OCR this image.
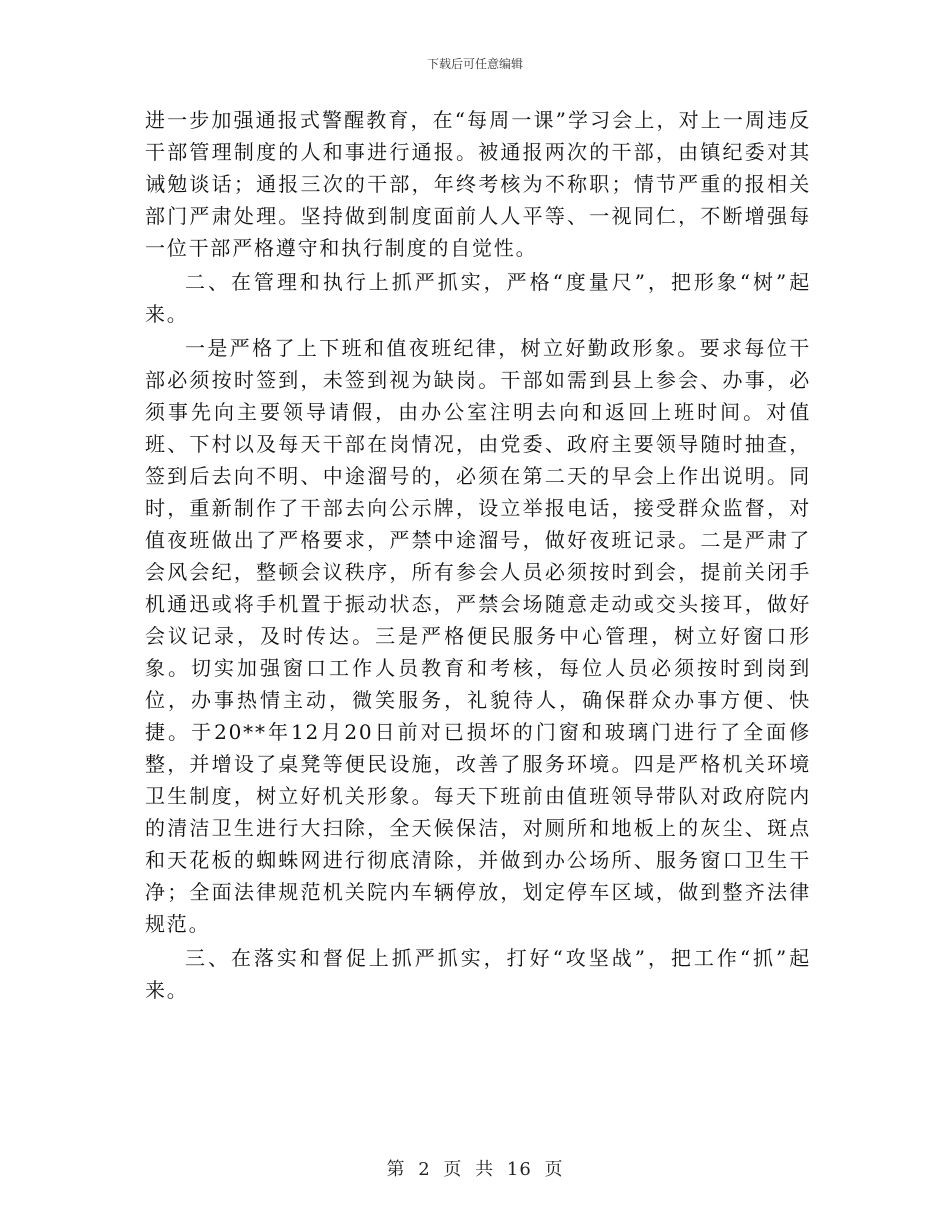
下载后可任意编辑

进一步加强通报式警醒教育，在“每周一课”学习会上，对上一周违反干部管理制度的人和事进行通报。被通报两次的干部，由镇纪委对其诫勉谈话；通报三次的干部，年终考核为不称职；情节严重的报相关部门严肃处理。坚持做到制度面前人人平等、一视同仁，不断增强每一位干部严格遵守和执行制度的自觉性。

二、在管理和执行上抓严抓实，严格“度量尺”，把形象“树”起来。

一是严格了上下班和值夜班纪律，树立好勤政形象。要求每位干部必须按时签到，未签到视为缺岗。干部如需到县上参会、办事，必须事先向主要领导请假，由办公室注明去向和返回上班时间。对值班、下村以及每天干部在岗情况，由党委、政府主要领导随时抽查，签到后去向不明、中途溜号的，必须在第二天的早会上作出说明。同时，重新制作了干部去向公示牌，设立举报电话，接受群众监督，对值夜班做出了严格要求，严禁中途溜号，做好夜班记录。二是严肃了会风会纪，整顿会议秩序，所有参会人员必须按时到会，提前关闭手机通迅或将手机置于振动状态，严禁会场随意走动或交头接耳，做好会议记录，及时传达。三是严格便民服务中心管理，树立好窗口形象。切实加强窗口工作人员教育和考核，每位人员必须按时到岗到位，办事热情主动，微笑服务，礼貌待人，确保群众办事方便、快捷。于20**年12月20日前对已损坏的门窗和玻璃门进行了全面修整，并增设了桌凳等便民设施，改善了服务环境。四是严格机关环境卫生制度，树立好机关形象。每天下班前由值班领导带队对政府院内的清洁卫生进行大扫除，全天候保洁，对厕所和地板上的灰尘、斑点和天花板的蜘蛛网进行彻底清除，并做到办公场所、服务窗口卫生干净；全面法律规范机关院内车辆停放，划定停车区域，做到整齐法律规范。

三、在落实和督促上抓严抓实，打好“攻坚战”，把工作“抓”起来。

第 2 页 共 16 页
